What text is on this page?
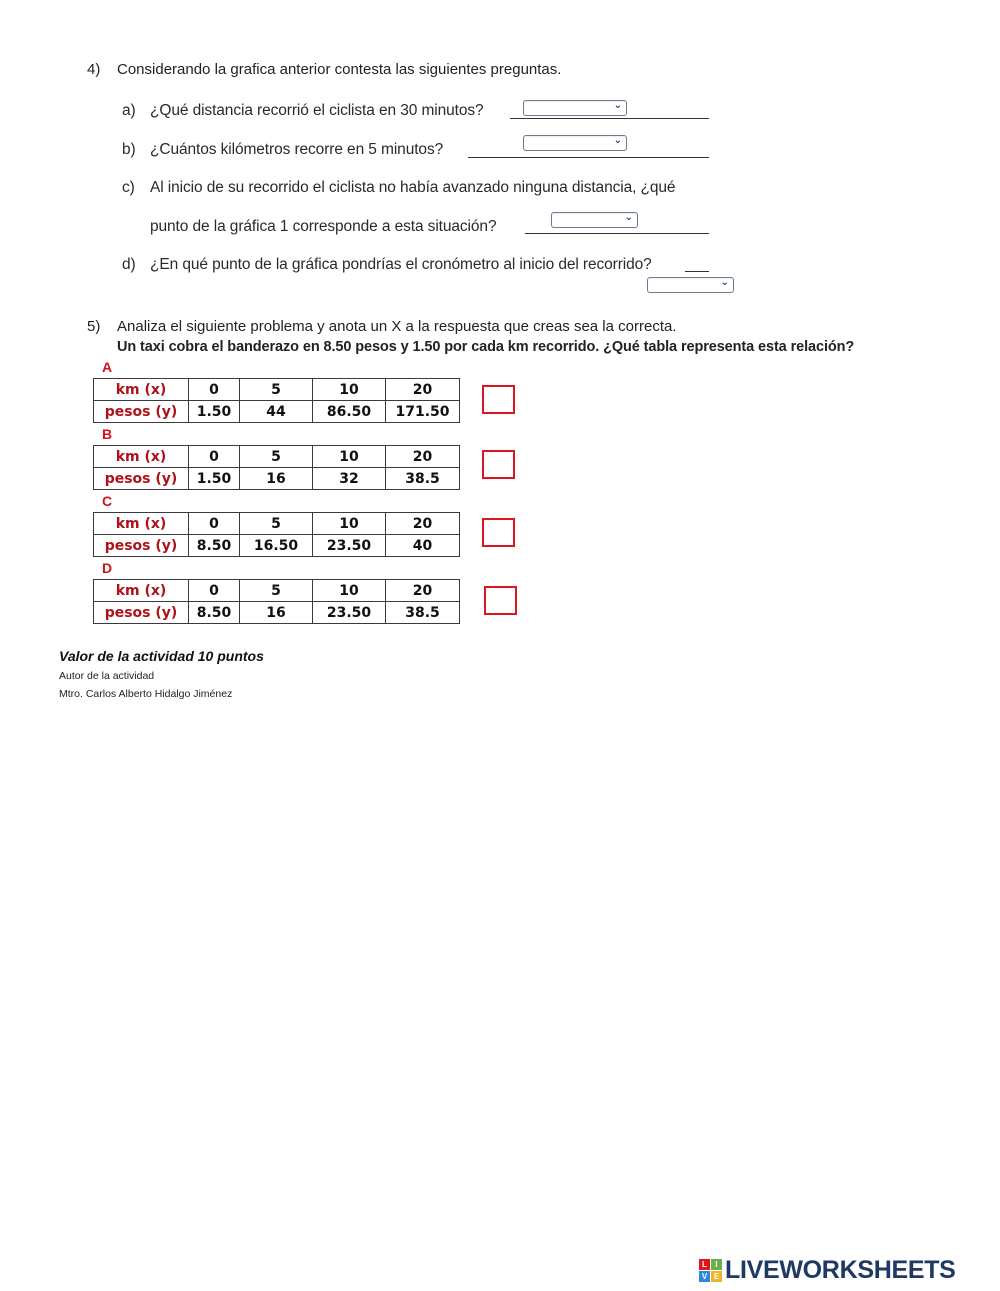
4) Considerando la grafica anterior contesta las siguientes preguntas.
a) ¿Qué distancia recorrió el ciclista en 30 minutos?	⌄
b) ¿Cuántos kilómetros recorre en 5 minutos?
⌄
c) Al inicio de su recorrido el ciclista no había avanzado ninguna distancia, ¿qué
punto de la gráfica 1 corresponde a esta situación?
⌄
d) ¿En qué punto de la gráfica pondrías el cronómetro al inicio del recorrido?
⌄
5) Analiza el siguiente problema y anota un X a la respuesta que creas sea la correcta.
Un taxi cobra el banderazo en 8.50 pesos y 1.50 por cada km recorrido. ¿Qué tabla representa esta relación?
A
km (x)	0	5	10	20
pesos (y)	1.50	44	86.50	171.50
B
km (x)	0	5	10	20
pesos (y)	1.50	16	32	38.5
C
km (x)	0	5	10	20
pesos (y)	8.50	16.50	23.50	40
D
km (x)	0	5	10	20
pesos (y)	8.50	16	23.50	38.5
Valor de la actividad 10 puntos
Autor de la actividad
Mtro. Carlos Alberto Hidalgo Jiménez
L	I
V E LIVEWORKSHEETS
